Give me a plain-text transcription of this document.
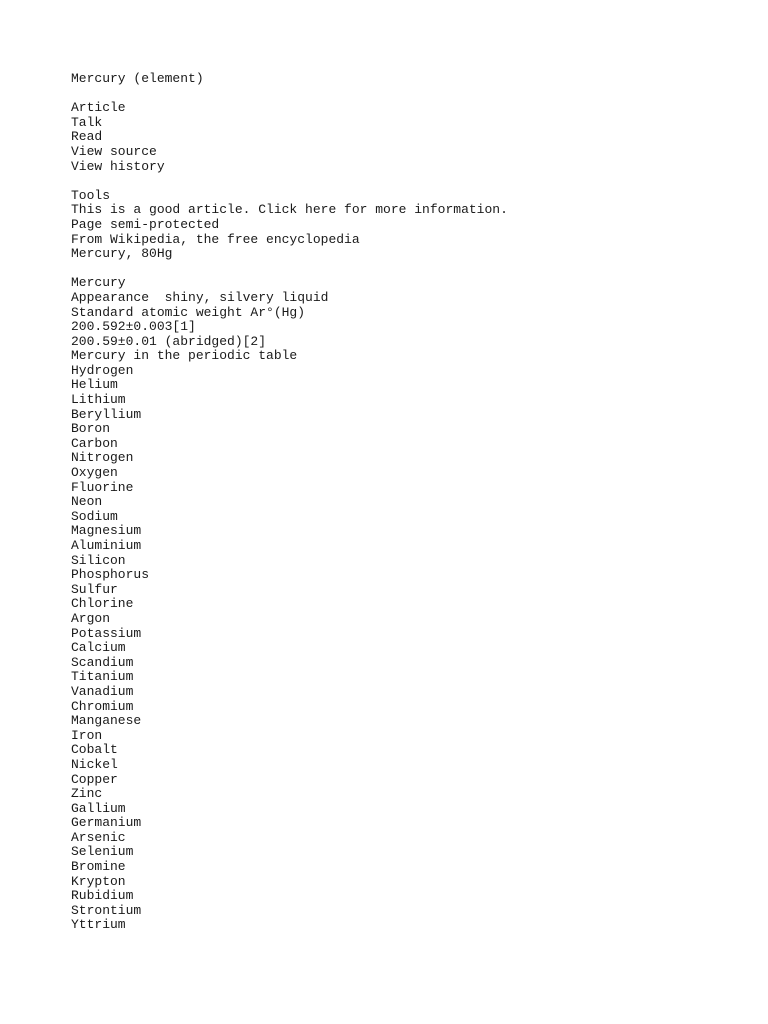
Mercury (element)
Article
Talk
Read
View source
View history
Tools
This is a good article. Click here for more information.
Page semi-protected
From Wikipedia, the free encyclopedia
Mercury, 80Hg
Mercury
Appearance  shiny, silvery liquid
Standard atomic weight Ar°(Hg)
200.592±0.003[1]
200.59±0.01 (abridged)[2]
Mercury in the periodic table
Hydrogen
Helium
Lithium
Beryllium
Boron
Carbon
Nitrogen
Oxygen
Fluorine
Neon
Sodium
Magnesium
Aluminium
Silicon
Phosphorus
Sulfur
Chlorine
Argon
Potassium
Calcium
Scandium
Titanium
Vanadium
Chromium
Manganese
Iron
Cobalt
Nickel
Copper
Zinc
Gallium
Germanium
Arsenic
Selenium
Bromine
Krypton
Rubidium
Strontium
Yttrium
